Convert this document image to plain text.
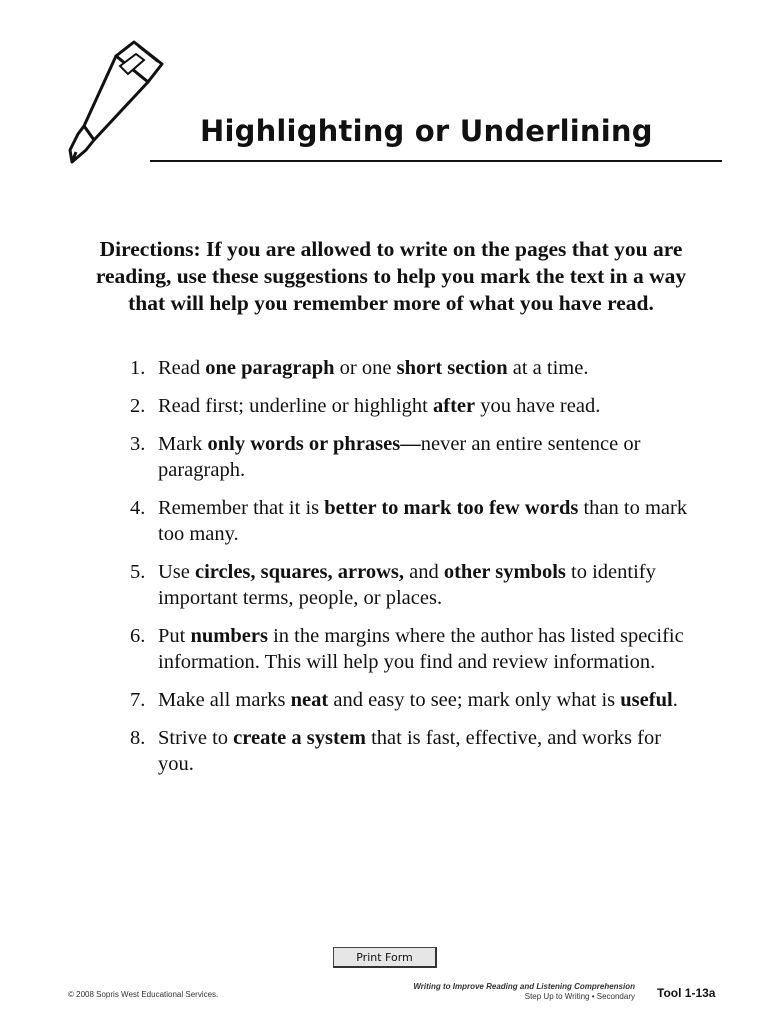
Highlighting or Underlining

Directions: If you are allowed to write on the pages that you are reading, use these suggestions to help you mark the text in a way that will help you remember more of what you have read.

1. Read one paragraph or one short section at a time.
2. Read first; underline or highlight after you have read.
3. Mark only words or phrases—never an entire sentence or paragraph.
4. Remember that it is better to mark too few words than to mark too many.
5. Use circles, squares, arrows, and other symbols to identify important terms, people, or places.
6. Put numbers in the margins where the author has listed specific information. This will help you find and review information.
7. Make all marks neat and easy to see; mark only what is useful.
8. Strive to create a system that is fast, effective, and works for you.
Print Form
© 2008 Sopris West Educational Services.
Writing to Improve Reading and Listening Comprehension
Step Up to Writing • Secondary Tool 1-13a
